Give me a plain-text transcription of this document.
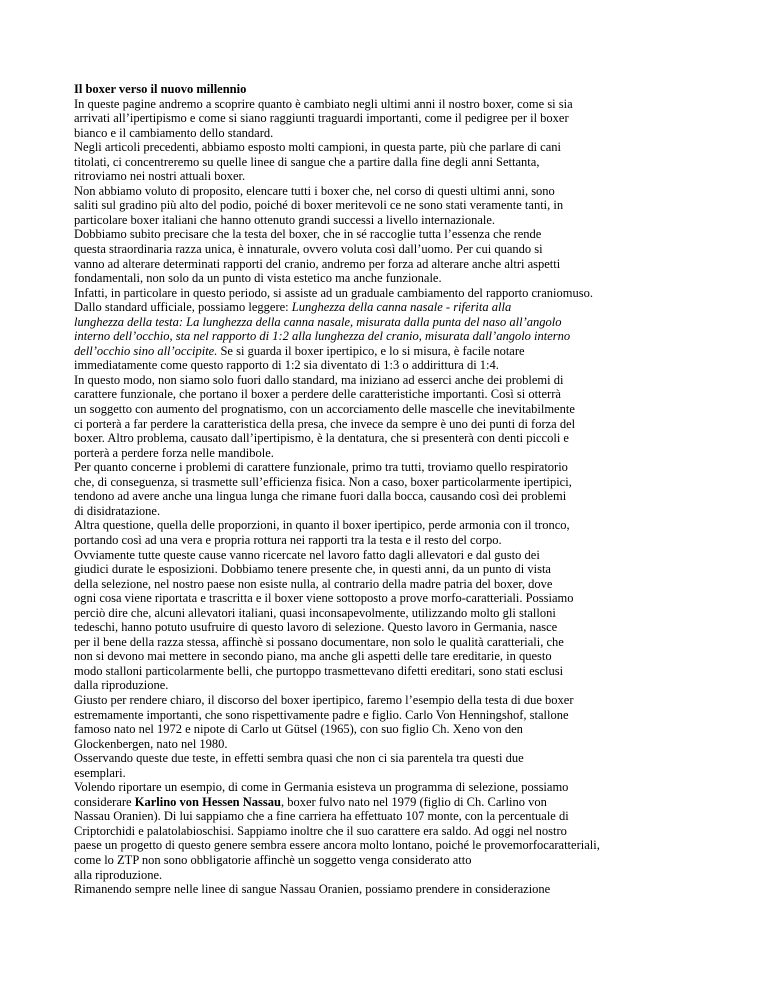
Il boxer verso il nuovo millennio
In queste pagine andremo a scoprire quanto è cambiato negli ultimi anni il nostro boxer, come si sia
arrivati all’ipertipismo e come si siano raggiunti traguardi importanti, come il pedigree per il boxer
bianco e il cambiamento dello standard.
Negli articoli precedenti, abbiamo esposto molti campioni, in questa parte, più che parlare di cani
titolati, ci concentreremo su quelle linee di sangue che a partire dalla fine degli anni Settanta,
ritroviamo nei nostri attuali boxer.
Non abbiamo voluto di proposito, elencare tutti i boxer che, nel corso di questi ultimi anni, sono
saliti sul gradino più alto del podio, poiché di boxer meritevoli ce ne sono stati veramente tanti, in
particolare boxer italiani che hanno ottenuto grandi successi a livello internazionale.
Dobbiamo subito precisare che la testa del boxer, che in sé raccoglie tutta l’essenza che rende
questa straordinaria razza unica, è innaturale, ovvero voluta così dall’uomo. Per cui quando si
vanno ad alterare determinati rapporti del cranio, andremo per forza ad alterare anche altri aspetti
fondamentali, non solo da un punto di vista estetico ma anche funzionale.
Infatti, in particolare in questo periodo, si assiste ad un graduale cambiamento del rapporto craniomuso.
Dallo standard ufficiale, possiamo leggere: Lunghezza della canna nasale - riferita alla
lunghezza della testa: La lunghezza della canna nasale, misurata dalla punta del naso all’angolo
interno dell’occhio, sta nel rapporto di 1:2 alla lunghezza del cranio, misurata dall’angolo interno
dell’occhio sino all’occipite. Se si guarda il boxer ipertipico, e lo si misura, è facile notare
immediatamente come questo rapporto di 1:2 sia diventato di 1:3 o addirittura di 1:4.
In questo modo, non siamo solo fuori dallo standard, ma iniziano ad esserci anche dei problemi di
carattere funzionale, che portano il boxer a perdere delle caratteristiche importanti. Così si otterrà
un soggetto con aumento del prognatismo, con un accorciamento delle mascelle che inevitabilmente
ci porterà a far perdere la caratteristica della presa, che invece da sempre è uno dei punti di forza del
boxer. Altro problema, causato dall’ipertipismo, è la dentatura, che si presenterà con denti piccoli e
porterà a perdere forza nelle mandibole.
Per quanto concerne i problemi di carattere funzionale, primo tra tutti, troviamo quello respiratorio
che, di conseguenza, si trasmette sull’efficienza fisica. Non a caso, boxer particolarmente ipertipici,
tendono ad avere anche una lingua lunga che rimane fuori dalla bocca, causando così dei problemi
di disidratazione.
Altra questione, quella delle proporzioni, in quanto il boxer ipertipico, perde armonia con il tronco,
portando così ad una vera e propria rottura nei rapporti tra la testa e il resto del corpo.
Ovviamente tutte queste cause vanno ricercate nel lavoro fatto dagli allevatori e dal gusto dei
giudici durate le esposizioni. Dobbiamo tenere presente che, in questi anni, da un punto di vista
della selezione, nel nostro paese non esiste nulla, al contrario della madre patria del boxer, dove
ogni cosa viene riportata e trascritta e il boxer viene sottoposto a prove morfo-caratteriali. Possiamo
perciò dire che, alcuni allevatori italiani, quasi inconsapevolmente, utilizzando molto gli stalloni
tedeschi, hanno potuto usufruire di questo lavoro di selezione. Questo lavoro in Germania, nasce
per il bene della razza stessa, affinchè si possano documentare, non solo le qualità caratteriali, che
non si devono mai mettere in secondo piano, ma anche gli aspetti delle tare ereditarie, in questo
modo stalloni particolarmente belli, che purtoppo trasmettevano difetti ereditari, sono stati esclusi
dalla riproduzione.
Giusto per rendere chiaro, il discorso del boxer ipertipico, faremo l’esempio della testa di due boxer
estremamente importanti, che sono rispettivamente padre e figlio. Carlo Von Henningshof, stallone
famoso nato nel 1972 e nipote di Carlo ut Gütsel (1965), con suo figlio Ch. Xeno von den
Glockenbergen, nato nel 1980.
Osservando queste due teste, in effetti sembra quasi che non ci sia parentela tra questi due
esemplari.
Volendo riportare un esempio, di come in Germania esisteva un programma di selezione, possiamo
considerare Karlino von Hessen Nassau, boxer fulvo nato nel 1979 (figlio di Ch. Carlino von
Nassau Oranien). Di lui sappiamo che a fine carriera ha effettuato 107 monte, con la percentuale di
Criptorchidi e palatolabioschisi. Sappiamo inoltre che il suo carattere era saldo. Ad oggi nel nostro
paese un progetto di questo genere sembra essere ancora molto lontano, poiché le provemorfocaratteriali,
come lo ZTP non sono obbligatorie affinchè un soggetto venga considerato atto
alla riproduzione.
Rimanendo sempre nelle linee di sangue Nassau Oranien, possiamo prendere in considerazione
